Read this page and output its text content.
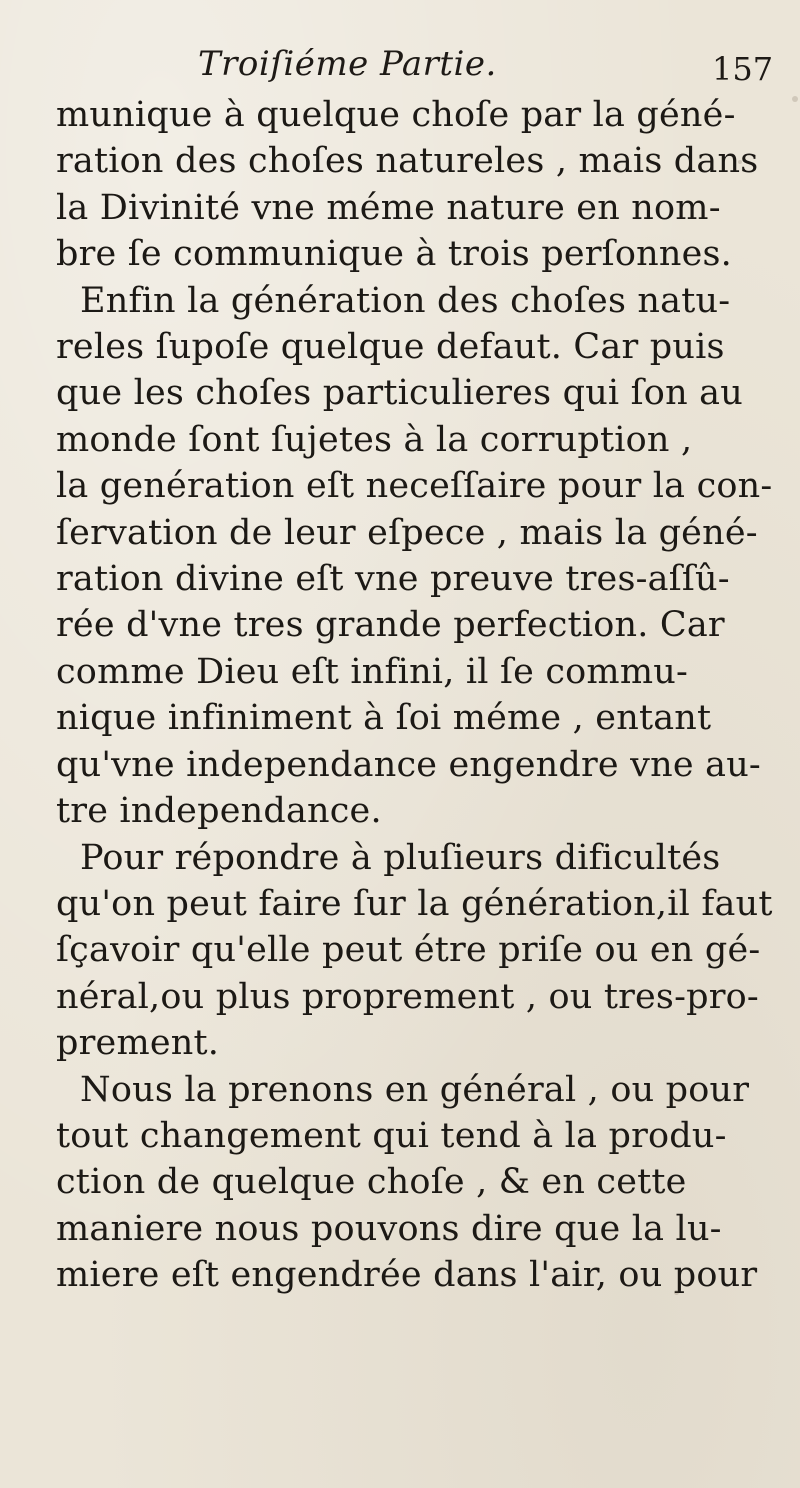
Troiſiéme Partie.	157
munique à quelque choſe par la géné-
ration des choſes natureles , mais dans
la Divinité vne méme nature en nom-
bre ſe communique à trois perſonnes.
Enfin la génération des choſes natu-
reles ſupoſe quelque defaut. Car puis
que les choſes particulieres qui ſon au
monde ſont ſujetes à la corruption ,
la genération eſt neceſſaire pour la con-
ſervation de leur eſpece , mais la géné-
ration divine eſt vne preuve tres-aſſû-
rée d'vne tres grande perfection. Car
comme Dieu eſt infini, il ſe commu-
nique infiniment à ſoi méme , entant
qu'vne independance engendre vne au-
tre independance.
Pour répondre à pluſieurs dificultés
qu'on peut faire ſur la génération,il faut
ſçavoir qu'elle peut étre priſe ou en gé-
néral,ou plus proprement , ou tres-pro-
prement.
Nous la prenons en général , ou pour
tout changement qui tend à la produ-
ction de quelque choſe , & en cette
maniere nous pouvons dire que la lu-
miere eſt engendrée dans l'air, ou pour
